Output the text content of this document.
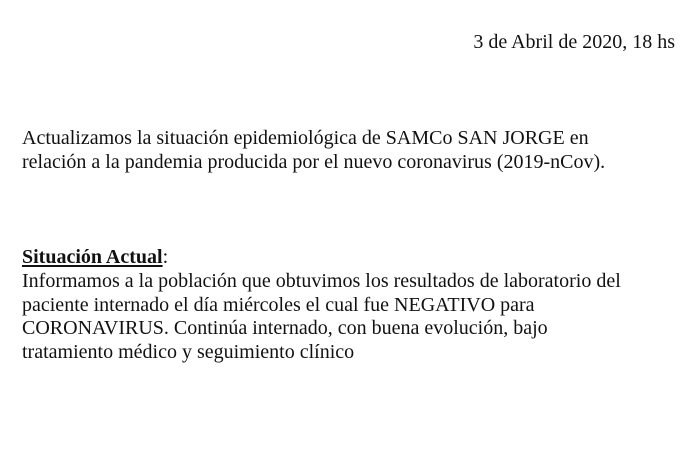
3 de Abril de 2020, 18 hs
Actualizamos la situación epidemiológica de SAMCo SAN JORGE en
relación a la pandemia producida por el nuevo coronavirus (2019-nCov).
Situación Actual:
Informamos a la población que obtuvimos los resultados de laboratorio del
paciente internado el día miércoles el cual fue NEGATIVO para
CORONAVIRUS. Continúa internado, con buena evolución, bajo
tratamiento médico y seguimiento clínico
